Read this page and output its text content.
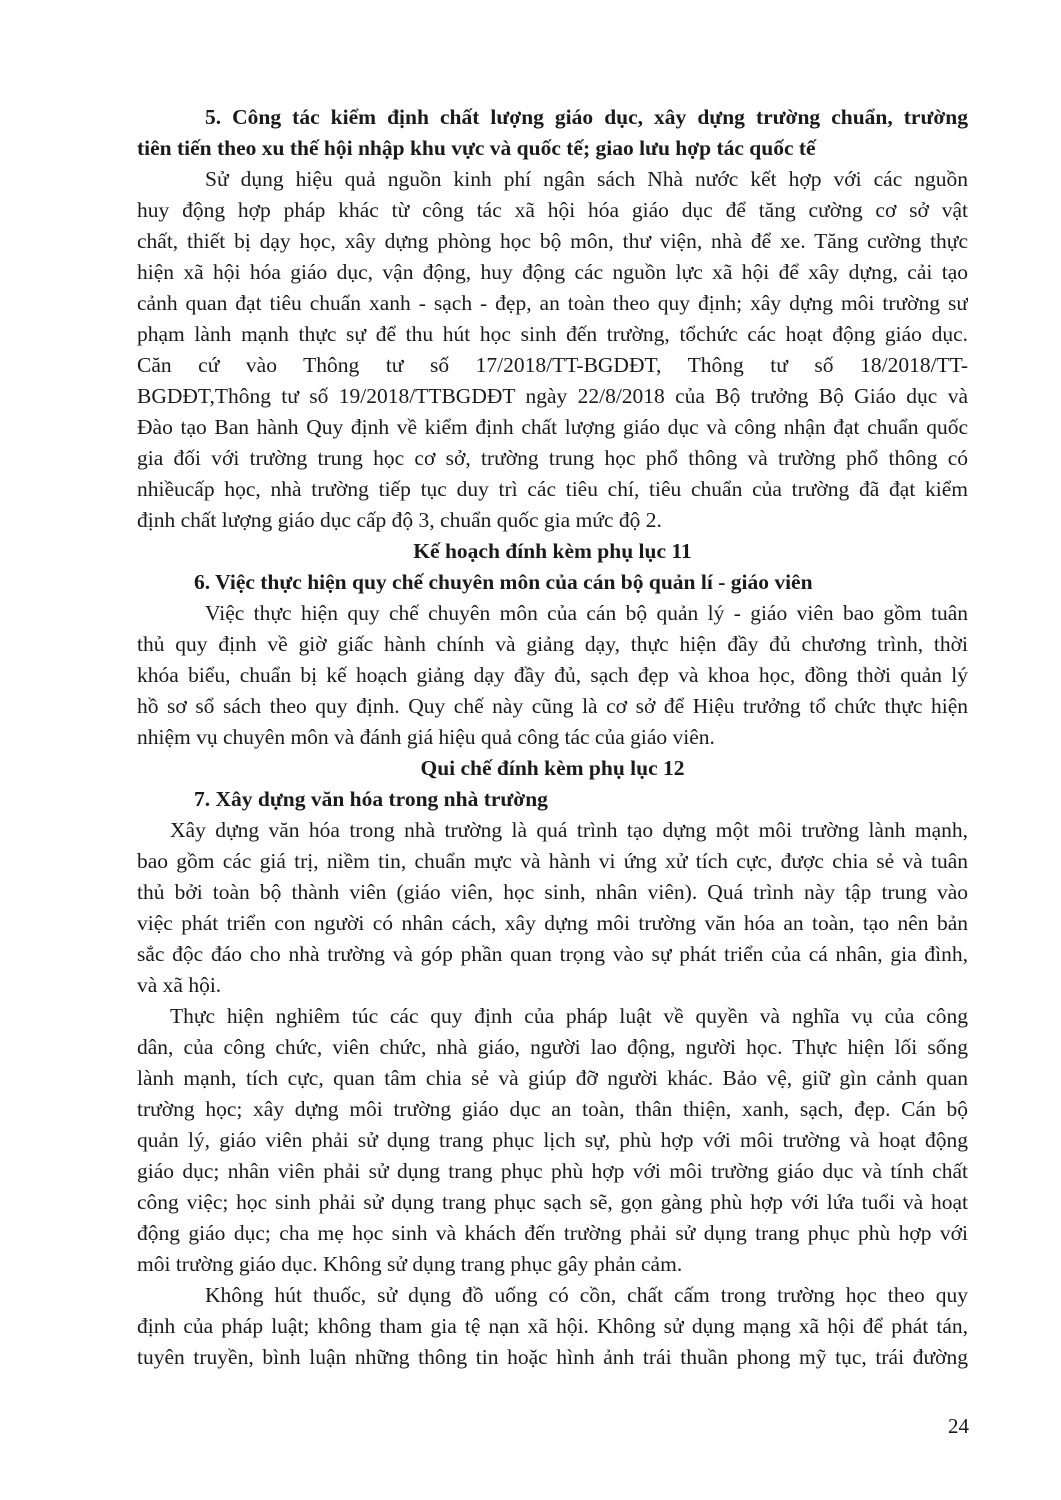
5. Công tác kiểm định chất lượng giáo dục, xây dựng trường chuẩn, trường
tiên tiến theo xu thế hội nhập khu vực và quốc tế; giao lưu hợp tác quốc tế
Sử dụng hiệu quả nguồn kinh phí ngân sách Nhà nước kết hợp với các nguồn
huy động hợp pháp khác từ công tác xã hội hóa giáo dục để tăng cường cơ sở vật
chất, thiết bị dạy học, xây dựng phòng học bộ môn, thư viện, nhà để xe. Tăng cường thực
hiện xã hội hóa giáo dục, vận động, huy động các nguồn lực xã hội để xây dựng, cải tạo
cảnh quan đạt tiêu chuẩn xanh - sạch - đẹp, an toàn theo quy định; xây dựng môi trường sư
phạm lành mạnh thực sự để thu hút học sinh đến trường, tổchức các hoạt động giáo dục.
Căn cứ vào Thông tư số 17/2018/TT-BGDĐT, Thông tư số 18/2018/TT-
BGDĐT,Thông tư số 19/2018/TTBGDĐT ngày 22/8/2018 của Bộ trưởng Bộ Giáo dục và
Đào tạo Ban hành Quy định về kiểm định chất lượng giáo dục và công nhận đạt chuẩn quốc
gia đối với trường trung học cơ sở, trường trung học phổ thông và trường phổ thông có
nhiềucấp học, nhà trường tiếp tục duy trì các tiêu chí, tiêu chuẩn của trường đã đạt kiểm
định chất lượng giáo dục cấp độ 3, chuẩn quốc gia mức độ 2.
Kế hoạch đính kèm phụ lục 11
6. Việc thực hiện quy chế chuyên môn của cán bộ quản lí - giáo viên
Việc thực hiện quy chế chuyên môn của cán bộ quản lý - giáo viên bao gồm tuân
thủ quy định về giờ giấc hành chính và giảng dạy, thực hiện đầy đủ chương trình, thời
khóa biểu, chuẩn bị kế hoạch giảng dạy đầy đủ, sạch đẹp và khoa học, đồng thời quản lý
hồ sơ sổ sách theo quy định. Quy chế này cũng là cơ sở để Hiệu trưởng tổ chức thực hiện
nhiệm vụ chuyên môn và đánh giá hiệu quả công tác của giáo viên.
Qui chế đính kèm phụ lục 12
7. Xây dựng văn hóa trong nhà trường
Xây dựng văn hóa trong nhà trường là quá trình tạo dựng một môi trường lành mạnh,
bao gồm các giá trị, niềm tin, chuẩn mực và hành vi ứng xử tích cực, được chia sẻ và tuân
thủ bởi toàn bộ thành viên (giáo viên, học sinh, nhân viên). Quá trình này tập trung vào
việc phát triển con người có nhân cách, xây dựng môi trường văn hóa an toàn, tạo nên bản
sắc độc đáo cho nhà trường và góp phần quan trọng vào sự phát triển của cá nhân, gia đình,
và xã hội.
Thực hiện nghiêm túc các quy định của pháp luật về quyền và nghĩa vụ của công
dân, của công chức, viên chức, nhà giáo, người lao động, người học. Thực hiện lối sống
lành mạnh, tích cực, quan tâm chia sẻ và giúp đỡ người khác. Bảo vệ, giữ gìn cảnh quan
trường học; xây dựng môi trường giáo dục an toàn, thân thiện, xanh, sạch, đẹp. Cán bộ
quản lý, giáo viên phải sử dụng trang phục lịch sự, phù hợp với môi trường và hoạt động
giáo dục; nhân viên phải sử dụng trang phục phù hợp với môi trường giáo dục và tính chất
công việc; học sinh phải sử dụng trang phục sạch sẽ, gọn gàng phù hợp với lứa tuổi và hoạt
động giáo dục; cha mẹ học sinh và khách đến trường phải sử dụng trang phục phù hợp với
môi trường giáo dục. Không sử dụng trang phục gây phản cảm.
Không hút thuốc, sử dụng đồ uống có cồn, chất cấm trong trường học theo quy
định của pháp luật; không tham gia tệ nạn xã hội. Không sử dụng mạng xã hội để phát tán,
tuyên truyền, bình luận những thông tin hoặc hình ảnh trái thuần phong mỹ tục, trái đường
24
